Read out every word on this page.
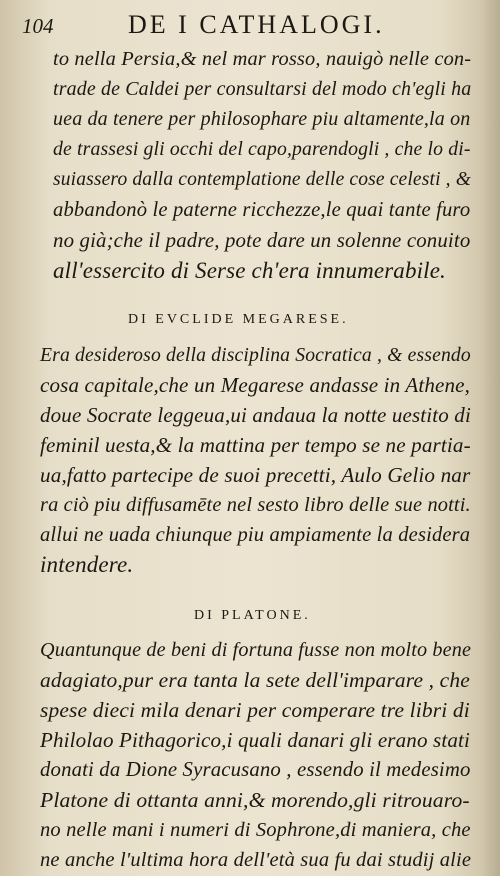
104	DE I CATHALOGI.
to nella Persia,& nel mar rosso, nauigò nelle con-
trade de Caldei per consultarsi del modo ch'egli ha
uea da tenere per philosophare piu altamente,la on
de trassesi gli occhi del capo,parendogli , che lo di-
suiassero dalla contemplatione delle cose celesti , &
abbandonò le paterne ricchezze,le quai tante furo
no già;che il padre, pote dare un solenne conuito
all'essercito di Serse ch'era innumerabile.
DI EVCLIDE MEGARESE.
Era desideroso della disciplina Socratica , & essendo
cosa capitale,che un Megarese andasse in Athene,
doue Socrate leggeua,ui andaua la notte uestito di
feminil uesta,& la mattina per tempo se ne partia-
ua,fatto partecipe de suoi precetti, Aulo Gelio nar
ra ciò piu diffusamēte nel sesto libro delle sue notti.
allui ne uada chiunque piu ampiamente la desidera
intendere.
DI PLATONE.
Quantunque de beni di fortuna fusse non molto bene
adagiato,pur era tanta la sete dell'imparare , che
spese dieci mila denari per comperare tre libri di
Philolao Pithagorico,i quali danari gli erano stati
donati da Dione Syracusano , essendo il medesimo
Platone di ottanta anni,& morendo,gli ritrouaro-
no nelle mani i numeri di Sophrone,di maniera, che
ne anche l'ultima hora dell'età sua fu dai studij alie
